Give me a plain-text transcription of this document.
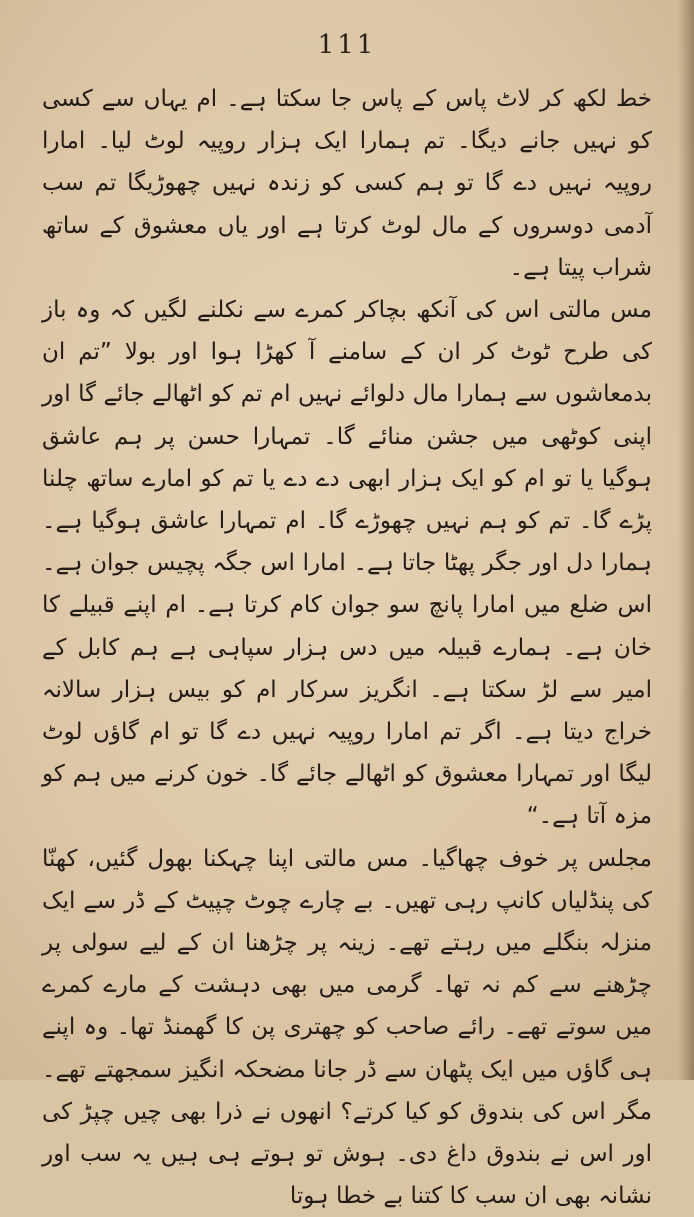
111

خط لکھ کر لاٹ پاس کے پاس جا سکتا ہے۔ ام یہاں سے کسی کو نہیں جانے دیگا۔ تم ہمارا ایک ہزار روپیہ لوٹ لیا۔ امارا روپیہ نہیں دے گا تو ہم کسی کو زندہ نہیں چھوڑیگا تم سب آدمی دوسروں کے مال لوٹ کرتا ہے اور یاں معشوق کے ساتھ شراب پیتا ہے۔

مس مالتی اس کی آنکھ بچاکر کمرے سے نکلنے لگیں کہ وہ باز کی طرح ٹوٹ کر ان کے سامنے آ کھڑا ہوا اور بولا ”تم ان بدمعاشوں سے ہمارا مال دلوائے نہیں ام تم کو اٹھالے جائے گا اور اپنی کوٹھی میں جشن منائے گا۔ تمہارا حسن پر ہم عاشق ہوگیا یا تو ام کو ایک ہزار ابھی دے دے یا تم کو امارے ساتھ چلنا پڑے گا۔ تم کو ہم نہیں چھوڑے گا۔ ام تمہارا عاشق ہوگیا ہے۔ ہمارا دل اور جگر پھٹا جاتا ہے۔ امارا اس جگہ پچیس جوان ہے۔ اس ضلع میں امارا پانچ سو جوان کام کرتا ہے۔ ام اپنے قبیلے کا خان ہے۔ ہمارے قبیلہ میں دس ہزار سپاہی ہے ہم کابل کے امیر سے لڑ سکتا ہے۔ انگریز سرکار ام کو بیس ہزار سالانہ خراج دیتا ہے۔ اگر تم امارا روپیہ نہیں دے گا تو ام گاؤں لوٹ لیگا اور تمہارا معشوق کو اٹھالے جائے گا۔ خون کرنے میں ہم کو مزہ آتا ہے۔“

مجلس پر خوف چھاگیا۔ مس مالتی اپنا چہکنا بھول گئیں، کھنّا کی پنڈلیاں کانپ رہی تھیں۔ بے چارے چوٹ چپیٹ کے ڈر سے ایک منزلہ بنگلے میں رہتے تھے۔ زینہ پر چڑھنا ان کے لیے سولی پر چڑھنے سے کم نہ تھا۔ گرمی میں بھی دہشت کے مارے کمرے میں سوتے تھے۔ رائے صاحب کو چھتری پن کا گھمنڈ تھا۔ وہ اپنے ہی گاؤں میں ایک پٹھان سے ڈر جانا مضحکہ انگیز سمجھتے تھے۔ مگر اس کی بندوق کو کیا کرتے؟ انھوں نے ذرا بھی چیں چپڑ کی اور اس نے بندوق داغ دی۔ ہوش تو ہوتے ہی ہیں یہ سب اور نشانہ بھی ان سب کا کتنا بے خطا ہوتا
